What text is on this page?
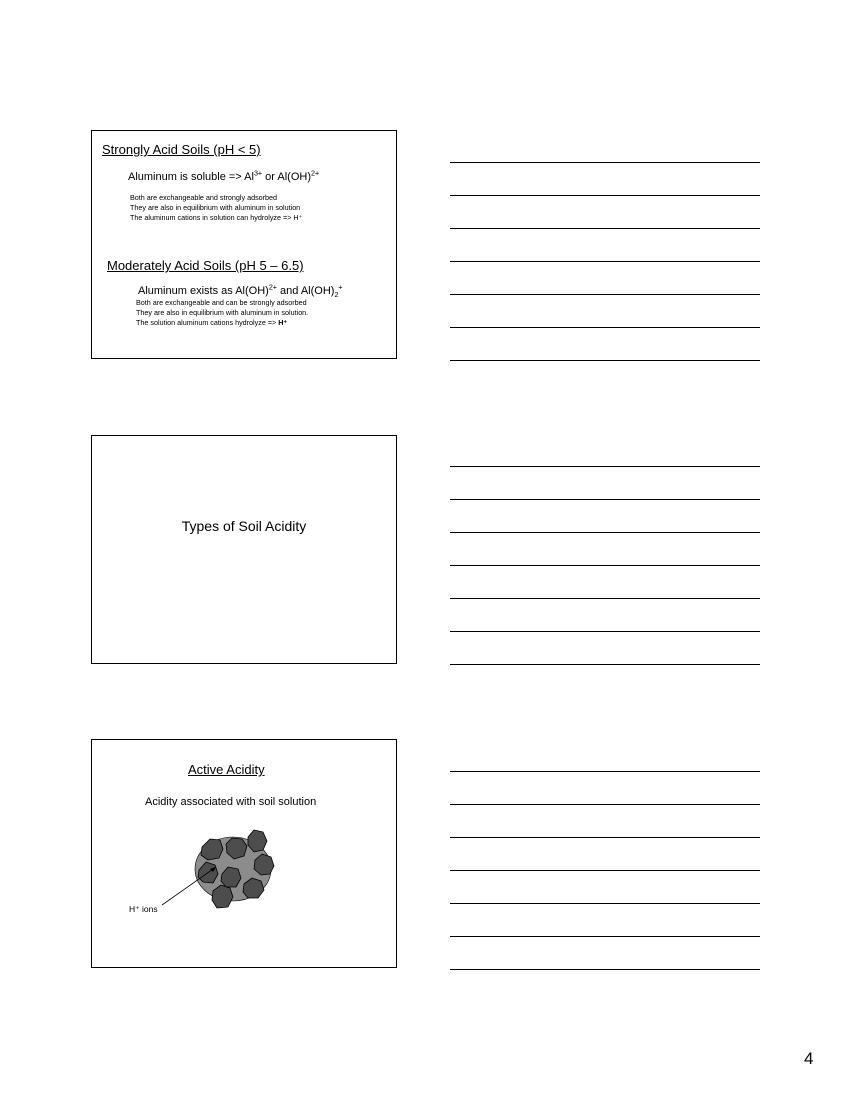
Strongly Acid Soils (pH < 5)
Aluminum is soluble => $Al^{3+}$ or Al(OH)$^{2+}$
Both are exchangeable and strongly adsorbed
They are also in equilibrium with aluminum in solution
The aluminum cations in solution can hydrolyze => H⁺
Moderately Acid Soils (pH 5 – 6.5)
Aluminum exists as Al(OH)$^{2+}$ and $Al(OH)_2^+$
Both are exchangeable and can be strongly adsorbed
They are also in equilibrium with aluminum in solution.
The solution aluminum cations hydrolyze => H⁺
Types of Soil Acidity
Active Acidity
Acidity associated with soil solution
H⁺ ions
4
